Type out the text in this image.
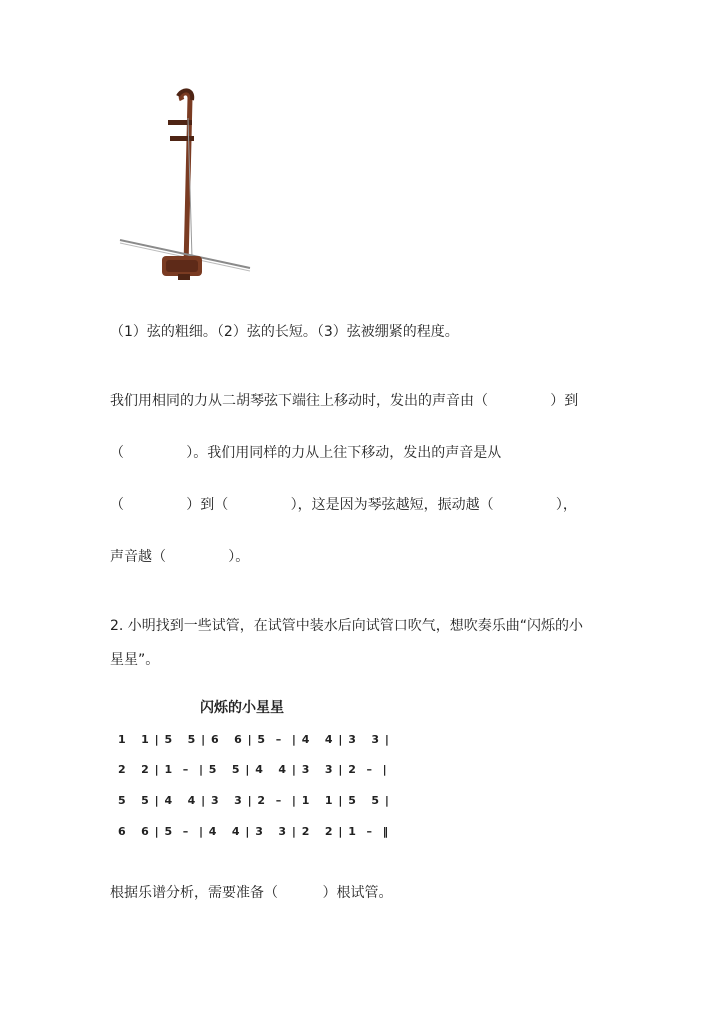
（1）弦的粗细。（2）弦的长短。（3）弦被绷紧的程度。
我们用相同的力从二胡琴弦下端往上移动时，发出的声音由（              ）到
（              ）。我们用同样的力从上往下移动，发出的声音是从
（              ）到（              ），这是因为琴弦越短，振动越（              ），
声音越（              ）。
2. 小明找到一些试管，在试管中装水后向试管口吹气，想吹奏乐曲“闪烁的小
星星”。
闪烁的小星星
1   1 | 5   5 | 6   6 | 5  –  | 4   4 | 3   3 |
2   2 | 1  –  | 5   5 | 4   4 | 3   3 | 2  –  |
5   5 | 4   4 | 3   3 | 2  –  | 1   1 | 5   5 |
6   6 | 5  –  | 4   4 | 3   3 | 2   2 | 1  –  ‖
根据乐谱分析，需要准备（          ）根试管。
